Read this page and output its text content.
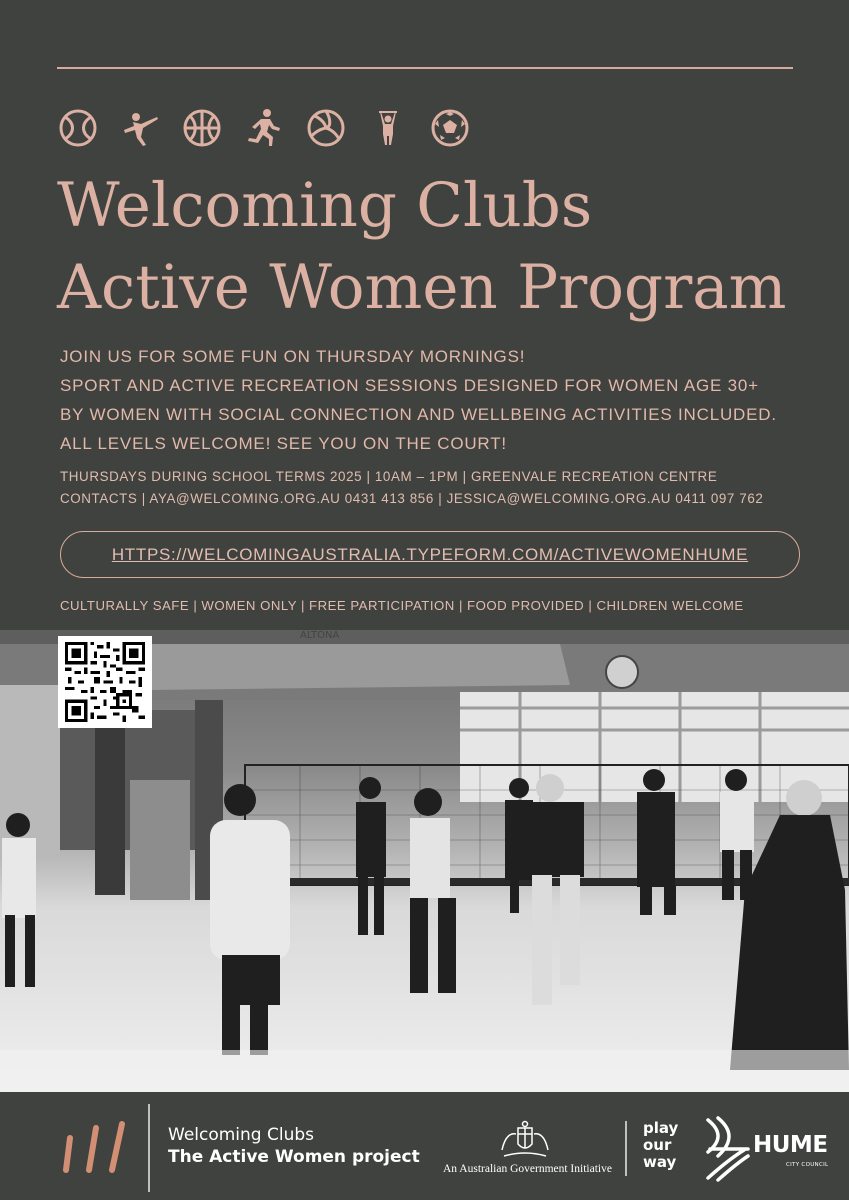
Welcoming Clubs
Active Women Program
JOIN US FOR SOME FUN ON THURSDAY MORNINGS!
SPORT AND ACTIVE RECREATION SESSIONS DESIGNED FOR WOMEN AGE 30+
BY WOMEN WITH SOCIAL CONNECTION AND WELLBEING ACTIVITIES INCLUDED.
ALL LEVELS WELCOME! SEE YOU ON THE COURT!
THURSDAYS DURING SCHOOL TERMS 2025 | 10AM – 1PM | GREENVALE RECREATION CENTRE
CONTACTS | AYA@WELCOMING.ORG.AU 0431 413 856 | JESSICA@WELCOMING.ORG.AU 0411 097 762
HTTPS://WELCOMINGAUSTRALIA.TYPEFORM.COM/ACTIVEWOMENHUME
CULTURALLY SAFE | WOMEN ONLY | FREE PARTICIPATION | FOOD PROVIDED | CHILDREN WELCOME
ALTONA
Welcoming Clubs
The Active Women project
An Australian Government Initiative
play
our
way
HUME
CITY COUNCIL
